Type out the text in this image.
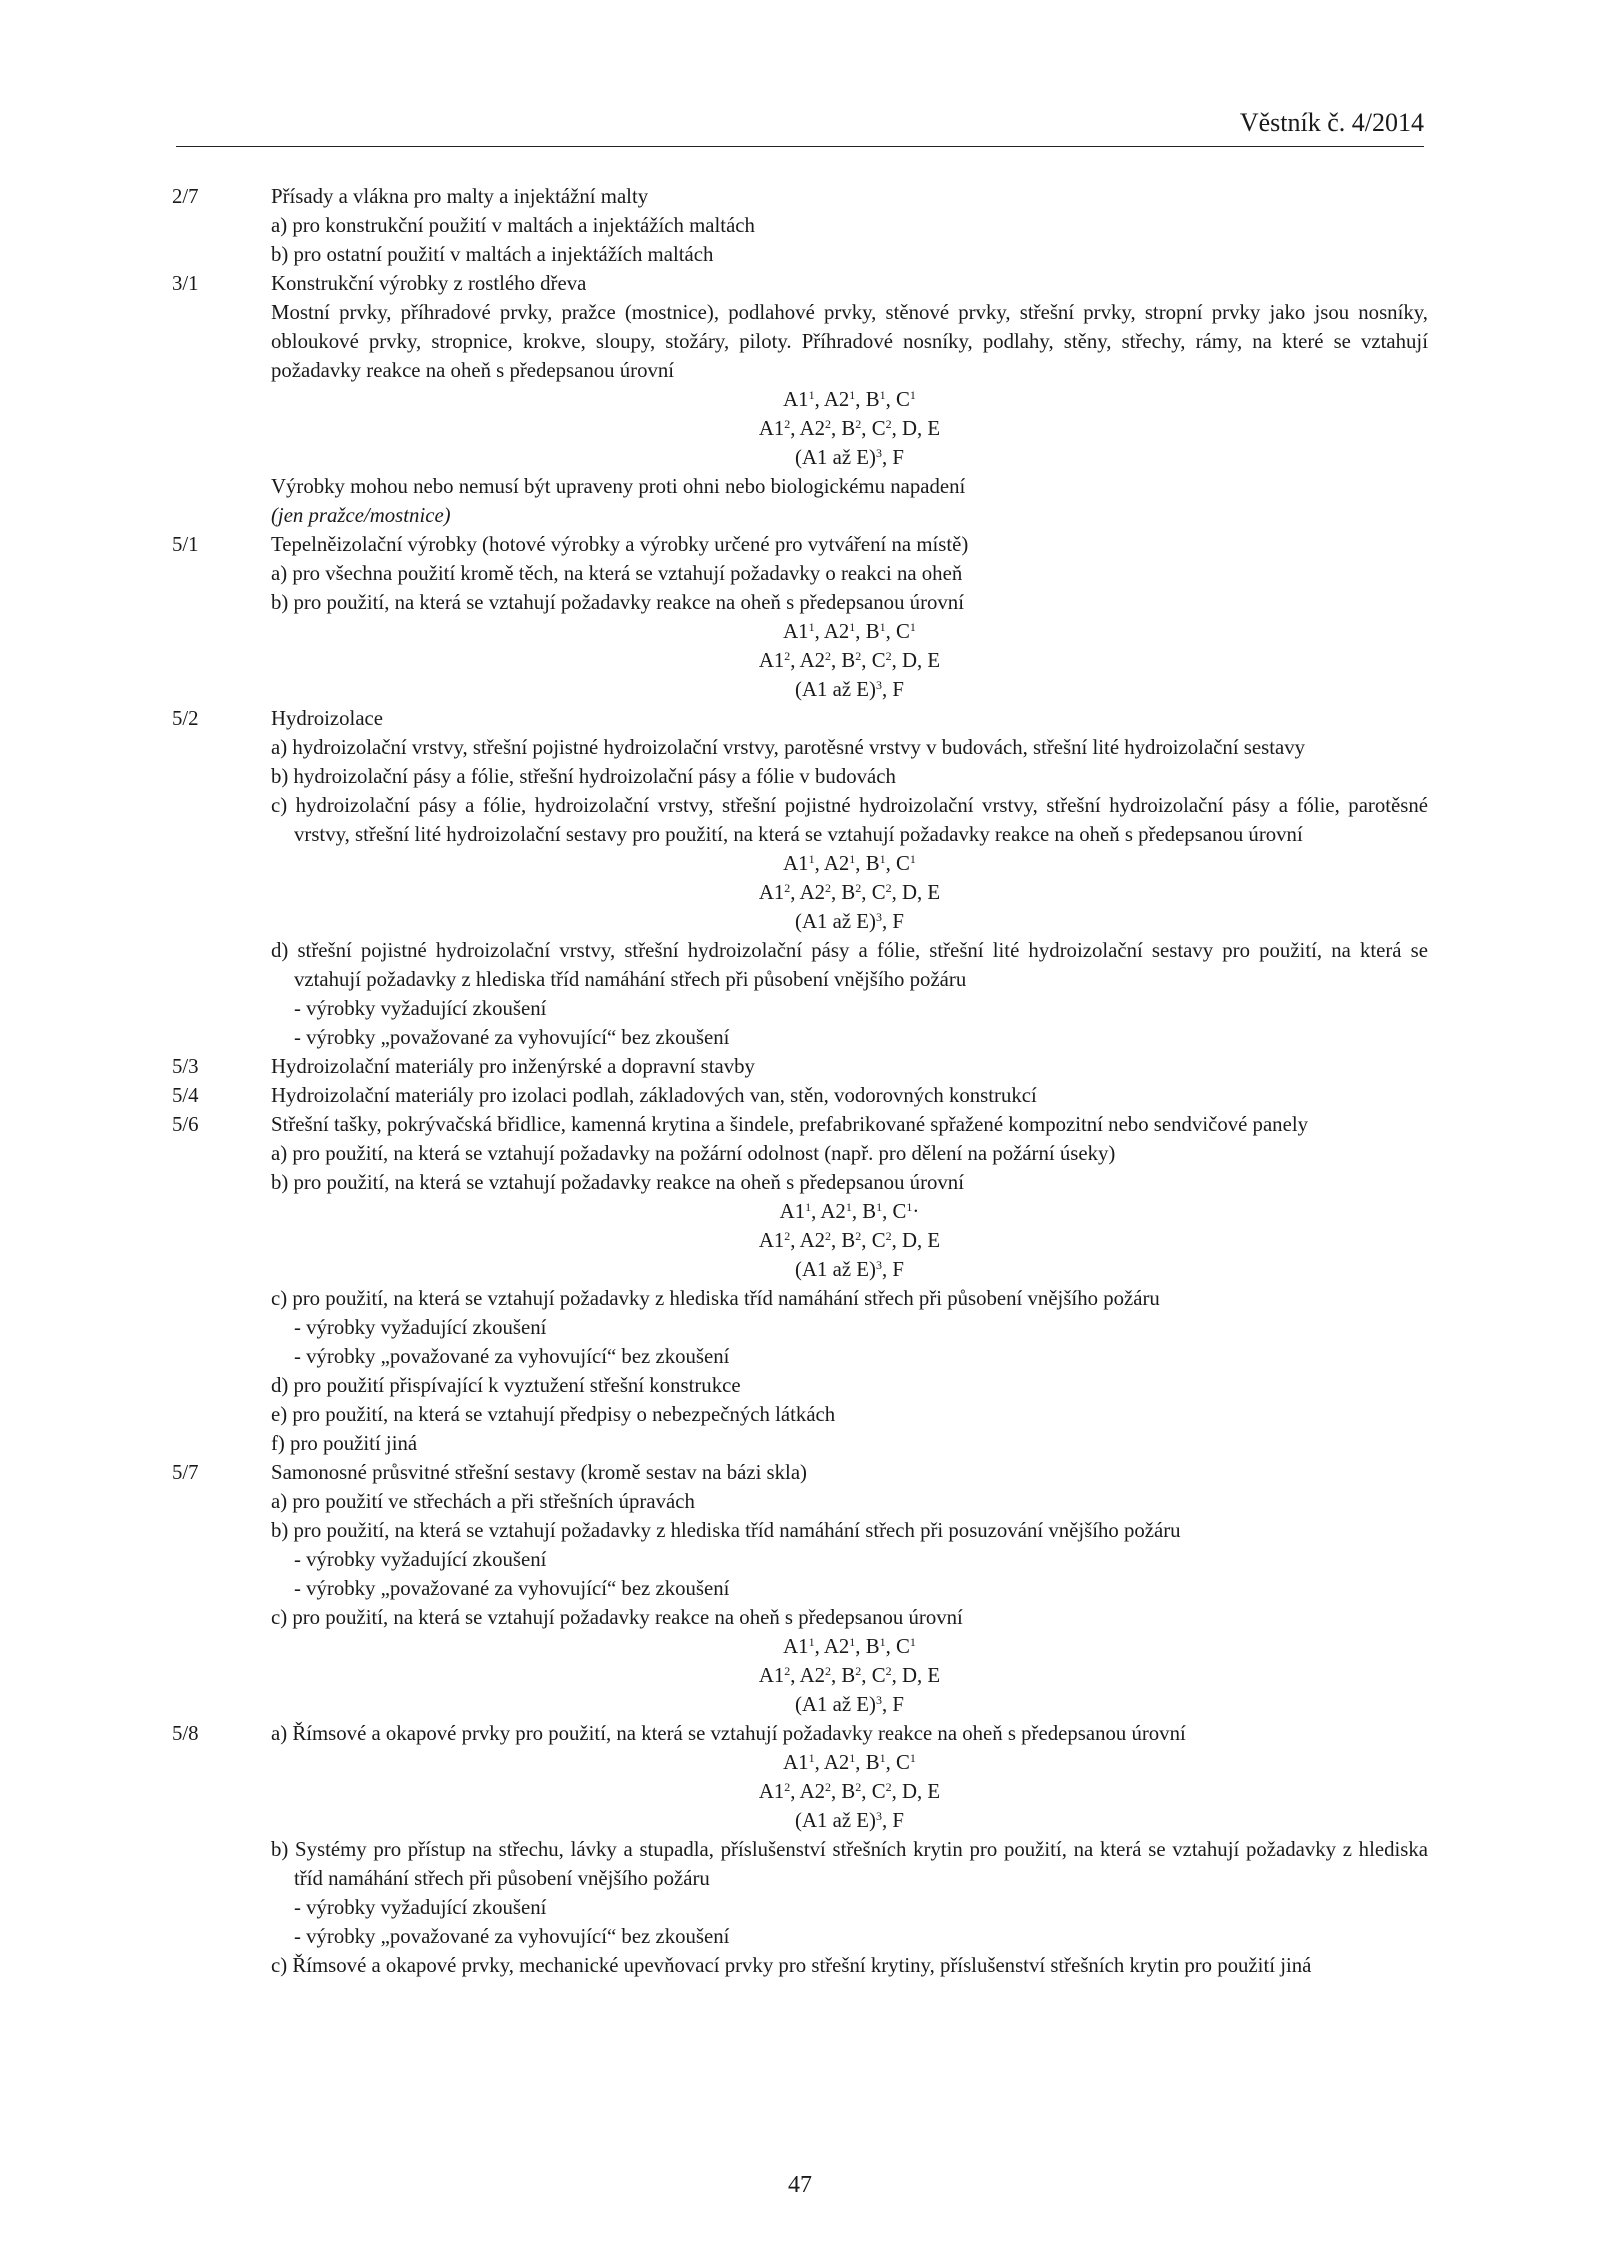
Věstník č. 4/2014
2/7	Přísady a vlákna pro malty a injektážní malty
a) pro konstrukční použití v maltách a injektážích maltách
b) pro ostatní použití v maltách a injektážích maltách
3/1	Konstrukční výrobky z rostlého dřeva
Mostní prvky, příhradové prvky, pražce (mostnice), podlahové prvky, stěnové prvky, střešní prvky, stropní prvky jako jsou nosníky, obloukové prvky, stropnice, krokve, sloupy, stožáry, piloty. Příhradové nosníky, podlahy, stěny, střechy, rámy, na které se vztahují požadavky reakce na oheň s předepsanou úrovní
$A1^1$, $A2^1$, $B^1$, $C^1$
$A1^2$, $A2^2$, $B^2$, $C^2$, D, E
(A1 až E)$^3$, F
Výrobky mohou nebo nemusí být upraveny proti ohni nebo biologickému napadení
(jen pražce/mostnice)
5/1	Tepelněizolační výrobky (hotové výrobky a výrobky určené pro vytváření na místě)
a) pro všechna použití kromě těch, na která se vztahují požadavky o reakci na oheň
b) pro použití, na která se vztahují požadavky reakce na oheň s předepsanou úrovní
$A1^1$, $A2^1$, $B^1$, $C^1$
$A1^2$, $A2^2$, $B^2$, $C^2$, D, E
(A1 až E)$^3$, F
5/2	Hydroizolace
a) hydroizolační vrstvy, střešní pojistné hydroizolační vrstvy, parotěsné vrstvy v budovách, střešní lité hydroizolační sestavy
b) hydroizolační pásy a fólie, střešní hydroizolační pásy a fólie v budovách
c) hydroizolační pásy a fólie, hydroizolační vrstvy, střešní pojistné hydroizolační vrstvy, střešní hydroizolační pásy a fólie, parotěsné vrstvy, střešní lité hydroizolační sestavy pro použití, na která se vztahují požadavky reakce na oheň s předepsanou úrovní
$A1^1$, $A2^1$, $B^1$, $C^1$
$A1^2$, $A2^2$, $B^2$, $C^2$, D, E
(A1 až E)$^3$, F
d) střešní pojistné hydroizolační vrstvy, střešní hydroizolační pásy a fólie, střešní lité hydroizolační sestavy pro použití, na která se vztahují požadavky z hlediska tříd namáhání střech při působení vnějšího požáru
- výrobky vyžadující zkoušení
- výrobky „považované za vyhovující“ bez zkoušení
5/3	Hydroizolační materiály pro inženýrské a dopravní stavby
5/4	Hydroizolační materiály pro izolaci podlah, základových van, stěn, vodorovných konstrukcí
5/6	Střešní tašky, pokrývačská břidlice, kamenná krytina a šindele, prefabrikované spřažené kompozitní nebo sendvičové panely
a) pro použití, na která se vztahují požadavky na požární odolnost (např. pro dělení na požární úseky)
b) pro použití, na která se vztahují požadavky reakce na oheň s předepsanou úrovní
$A1^1$, $A2^1$, $B^1$, $C^1\cdot$
$A1^2$, $A2^2$, $B^2$, $C^2$, D, E
(A1 až E)$^3$, F
c) pro použití, na která se vztahují požadavky z hlediska tříd namáhání střech při působení vnějšího požáru
- výrobky vyžadující zkoušení
- výrobky „považované za vyhovující“ bez zkoušení
d) pro použití přispívající k vyztužení střešní konstrukce
e) pro použití, na která se vztahují předpisy o nebezpečných látkách
f) pro použití jiná
5/7	Samonosné průsvitné střešní sestavy (kromě sestav na bázi skla)
a) pro použití ve střechách a při střešních úpravách
b) pro použití, na která se vztahují požadavky z hlediska tříd namáhání střech při posuzování vnějšího požáru
- výrobky vyžadující zkoušení
- výrobky „považované za vyhovující“ bez zkoušení
c) pro použití, na která se vztahují požadavky reakce na oheň s předepsanou úrovní
$A1^1$, $A2^1$, $B^1$, $C^1$
$A1^2$, $A2^2$, $B^2$, $C^2$, D, E
(A1 až E)$^3$, F
5/8	a) Římsové a okapové prvky pro použití, na která se vztahují požadavky reakce na oheň s předepsanou úrovní
$A1^1$, $A2^1$, $B^1$, $C^1$
$A1^2$, $A2^2$, $B^2$, $C^2$, D, E
(A1 až E)$^3$, F
b) Systémy pro přístup na střechu, lávky a stupadla, příslušenství střešních krytin pro použití, na která se vztahují požadavky z hlediska tříd namáhání střech při působení vnějšího požáru
- výrobky vyžadující zkoušení
- výrobky „považované za vyhovující“ bez zkoušení
c) Římsové a okapové prvky, mechanické upevňovací prvky pro střešní krytiny, příslušenství střešních krytin pro použití jiná
47
